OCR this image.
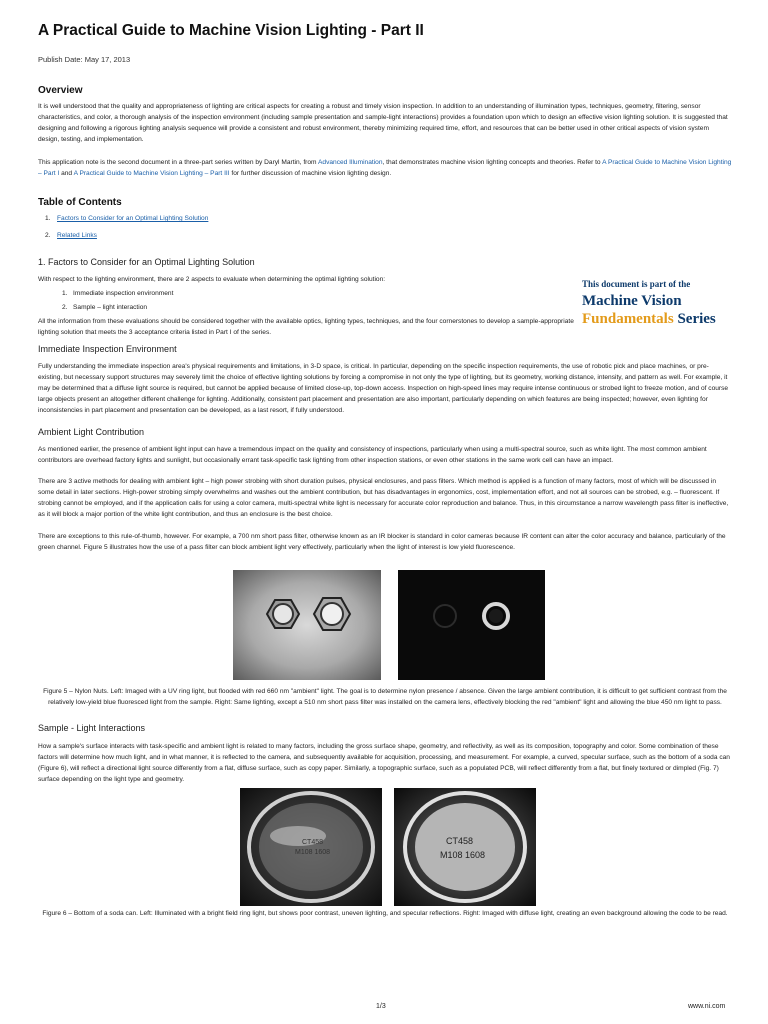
A Practical Guide to Machine Vision Lighting - Part II
Publish Date: May 17, 2013
Overview
It is well understood that the quality and appropriateness of lighting are critical aspects for creating a robust and timely vision inspection. In addition to an understanding of illumination types, techniques, geometry, filtering, sensor characteristics, and color, a thorough analysis of the inspection environment (including sample presentation and sample-light interactions) provides a foundation upon which to design an effective vision lighting solution. It is suggested that designing and following a rigorous lighting analysis sequence will provide a consistent and robust environment, thereby minimizing required time, effort, and resources that can be better used in other critical aspects of vision system design, testing, and implementation.
This application note is the second document in a three-part series written by Daryl Martin, from Advanced Illumination, that demonstrates machine vision lighting concepts and theories. Refer to A Practical Guide to Machine Vision Lighting – Part I and A Practical Guide to Machine Vision Lighting – Part III for further discussion of machine vision lighting design.
Table of Contents
1. Factors to Consider for an Optimal Lighting Solution
2. Related Links
1. Factors to Consider for an Optimal Lighting Solution
With respect to the lighting environment, there are 2 aspects to evaluate when determining the optimal lighting solution:
1. Immediate inspection environment
2. Sample – light interaction
All the information from these evaluations should be considered together with the available optics, lighting types, techniques, and the four cornerstones to develop a sample-appropriate lighting solution that meets the 3 acceptance criteria listed in Part I of the series.
This document is part of the
Machine Vision
Fundamentals Series
Immediate Inspection Environment
Fully understanding the immediate inspection area's physical requirements and limitations, in 3-D space, is critical. In particular, depending on the specific inspection requirements, the use of robotic pick and place machines, or pre-existing, but necessary support structures may severely limit the choice of effective lighting solutions by forcing a compromise in not only the type of lighting, but its geometry, working distance, intensity, and pattern as well. For example, it may be determined that a diffuse light source is required, but cannot be applied because of limited close-up, top-down access. Inspection on high-speed lines may require intense continuous or strobed light to freeze motion, and of course large objects present an altogether different challenge for lighting. Additionally, consistent part placement and presentation are also important, particularly depending on which features are being inspected; however, even lighting for inconsistencies in part placement and presentation can be developed, as a last resort, if fully understood.
Ambient Light Contribution
As mentioned earlier, the presence of ambient light input can have a tremendous impact on the quality and consistency of inspections, particularly when using a multi-spectral source, such as white light. The most common ambient contributors are overhead factory lights and sunlight, but occasionally errant task-specific task lighting from other inspection stations, or even other stations in the same work cell can have an impact.
There are 3 active methods for dealing with ambient light – high power strobing with short duration pulses, physical enclosures, and pass filters. Which method is applied is a function of many factors, most of which will be discussed in some detail in later sections. High-power strobing simply overwhelms and washes out the ambient contribution, but has disadvantages in ergonomics, cost, implementation effort, and not all sources can be strobed, e.g. – fluorescent. If strobing cannot be employed, and if the application calls for using a color camera, multi-spectral white light is necessary for accurate color reproduction and balance. Thus, in this circumstance a narrow wavelength pass filter is ineffective, as it will block a major portion of the white light contribution, and thus an enclosure is the best choice.
There are exceptions to this rule-of-thumb, however. For example, a 700 nm short pass filter, otherwise known as an IR blocker is standard in color cameras because IR content can alter the color accuracy and balance, particularly of the green channel. Figure 5 illustrates how the use of a pass filter can block ambient light very effectively, particularly when the light of interest is low yield fluorescence.
Figure 5 – Nylon Nuts. Left: Imaged with a UV ring light, but flooded with red 660 nm "ambient" light. The goal is to determine nylon presence / absence. Given the large ambient contribution, it is difficult to get sufficient contrast from the relatively low-yield blue fluoresced light from the sample. Right: Same lighting, except a 510 nm short pass filter was installed on the camera lens, effectively blocking the red "ambient" light and allowing the blue 450 nm light to pass.
Sample - Light Interactions
How a sample's surface interacts with task-specific and ambient light is related to many factors, including the gross surface shape, geometry, and reflectivity, as well as its composition, topography and color. Some combination of these factors will determine how much light, and in what manner, it is reflected to the camera, and subsequently available for acquisition, processing, and measurement. For example, a curved, specular surface, such as the bottom of a soda can (Figure 6), will reflect a directional light source differently from a flat, diffuse surface, such as copy paper. Similarly, a topographic surface, such as a populated PCB, will reflect differently from a flat, but finely textured or dimpled (Fig. 7) surface depending on the light type and geometry.
CT458
M108 1608
CT458
M108 1608
Figure 6 – Bottom of a soda can. Left: Illuminated with a bright field ring light, but shows poor contrast, uneven lighting, and specular reflections. Right: Imaged with diffuse light, creating an even background allowing the code to be read.
1/3	www.ni.com
